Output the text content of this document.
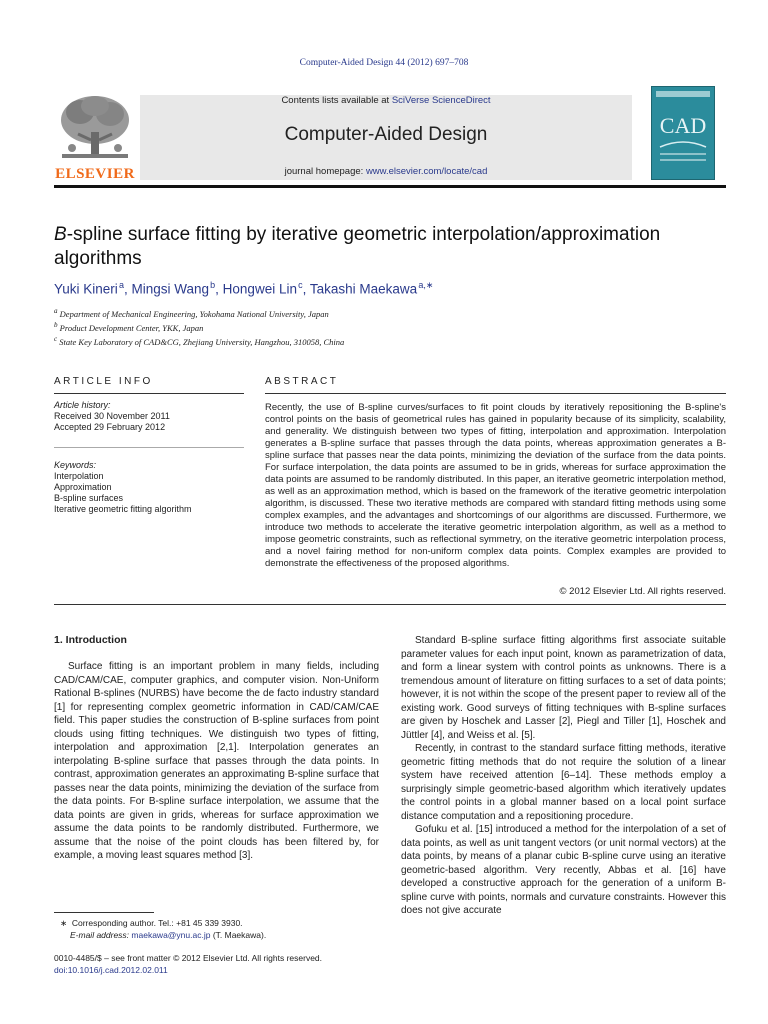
Computer-Aided Design 44 (2012) 697–708
Contents lists available at SciVerse ScienceDirect
Computer-Aided Design
journal homepage: www.elsevier.com/locate/cad
ELSEVIER
CAD
B-spline surface fitting by iterative geometric interpolation/approximation algorithms
Yuki Kineri $^a$, Mingsi Wang $^b$, Hongwei Lin $^c$, Takashi Maekawa $^{a,∗}$
$^a$ Department of Mechanical Engineering, Yokohama National University, Japan
$^b$ Product Development Center, YKK, Japan
$^c$ State Key Laboratory of CAD&CG, Zhejiang University, Hangzhou, 310058, China
ARTICLE INFO
Article history:
Received 30 November 2011
Accepted 29 February 2012
Keywords:
Interpolation
Approximation
B-spline surfaces
Iterative geometric fitting algorithm
ABSTRACT
Recently, the use of B-spline curves/surfaces to fit point clouds by iteratively repositioning the B-spline's control points on the basis of geometrical rules has gained in popularity because of its simplicity, scalability, and generality. We distinguish between two types of fitting, interpolation and approximation. Interpolation generates a B-spline surface that passes through the data points, whereas approximation generates a B-spline surface that passes near the data points, minimizing the deviation of the surface from the data points. For surface interpolation, the data points are assumed to be in grids, whereas for surface approximation the data points are assumed to be randomly distributed. In this paper, an iterative geometric interpolation method, as well as an approximation method, which is based on the framework of the iterative geometric interpolation algorithm, is discussed. These two iterative methods are compared with standard fitting methods using some complex examples, and the advantages and shortcomings of our algorithms are discussed. Furthermore, we introduce two methods to accelerate the iterative geometric interpolation algorithm, as well as a method to impose geometric constraints, such as reflectional symmetry, on the iterative geometric interpolation process, and a novel fairing method for non-uniform complex data points. Complex examples are provided to demonstrate the effectiveness of the proposed algorithms.
© 2012 Elsevier Ltd. All rights reserved.
1. Introduction
Surface fitting is an important problem in many fields, including CAD/CAM/CAE, computer graphics, and computer vision. Non-Uniform Rational B-splines (NURBS) have become the de facto industry standard [1] for representing complex geometric information in CAD/CAM/CAE field. This paper studies the construction of B-spline surfaces from point clouds using fitting techniques. We distinguish two types of fitting, interpolation and approximation [2,1]. Interpolation generates an interpolating B-spline surface that passes through the data points. In contrast, approximation generates an approximating B-spline surface that passes near the data points, minimizing the deviation of the surface from the data points. For B-spline surface interpolation, we assume that the data points are given in grids, whereas for surface approximation we assume the data points to be randomly distributed. Furthermore, we assume that the noise of the point clouds has been filtered by, for example, a moving least squares method [3].

Standard B-spline surface fitting algorithms first associate suitable parameter values for each input point, known as parametrization of data, and form a linear system with control points as unknowns. There is a tremendous amount of literature on fitting surfaces to a set of data points; however, it is not within the scope of the present paper to review all of the existing work. Good surveys of fitting techniques with B-spline surfaces are given by Hoschek and Lasser [2], Piegl and Tiller [1], Hoschek and Jüttler [4], and Weiss et al. [5].

Recently, in contrast to the standard surface fitting methods, iterative geometric fitting methods that do not require the solution of a linear system have received attention [6–14]. These methods employ a surprisingly simple geometric-based algorithm which iteratively updates the control points in a global manner based on a local point surface distance computation and a repositioning procedure.

Gofuku et al. [15] introduced a method for the interpolation of a set of data points, as well as unit tangent vectors (or unit normal vectors) at the data points, by means of a planar cubic B-spline curve using an iterative geometric-based algorithm. Very recently, Abbas et al. [16] have developed a constructive approach for the generation of a uniform B-spline curve with points, normals and curvature constraints. However this does not give accurate

∗  Corresponding author. Tel.: +81 45 339 3930.
E-mail address: maekawa@ynu.ac.jp (T. Maekawa).
0010-4485/$ – see front matter © 2012 Elsevier Ltd. All rights reserved.
doi:10.1016/j.cad.2012.02.011
